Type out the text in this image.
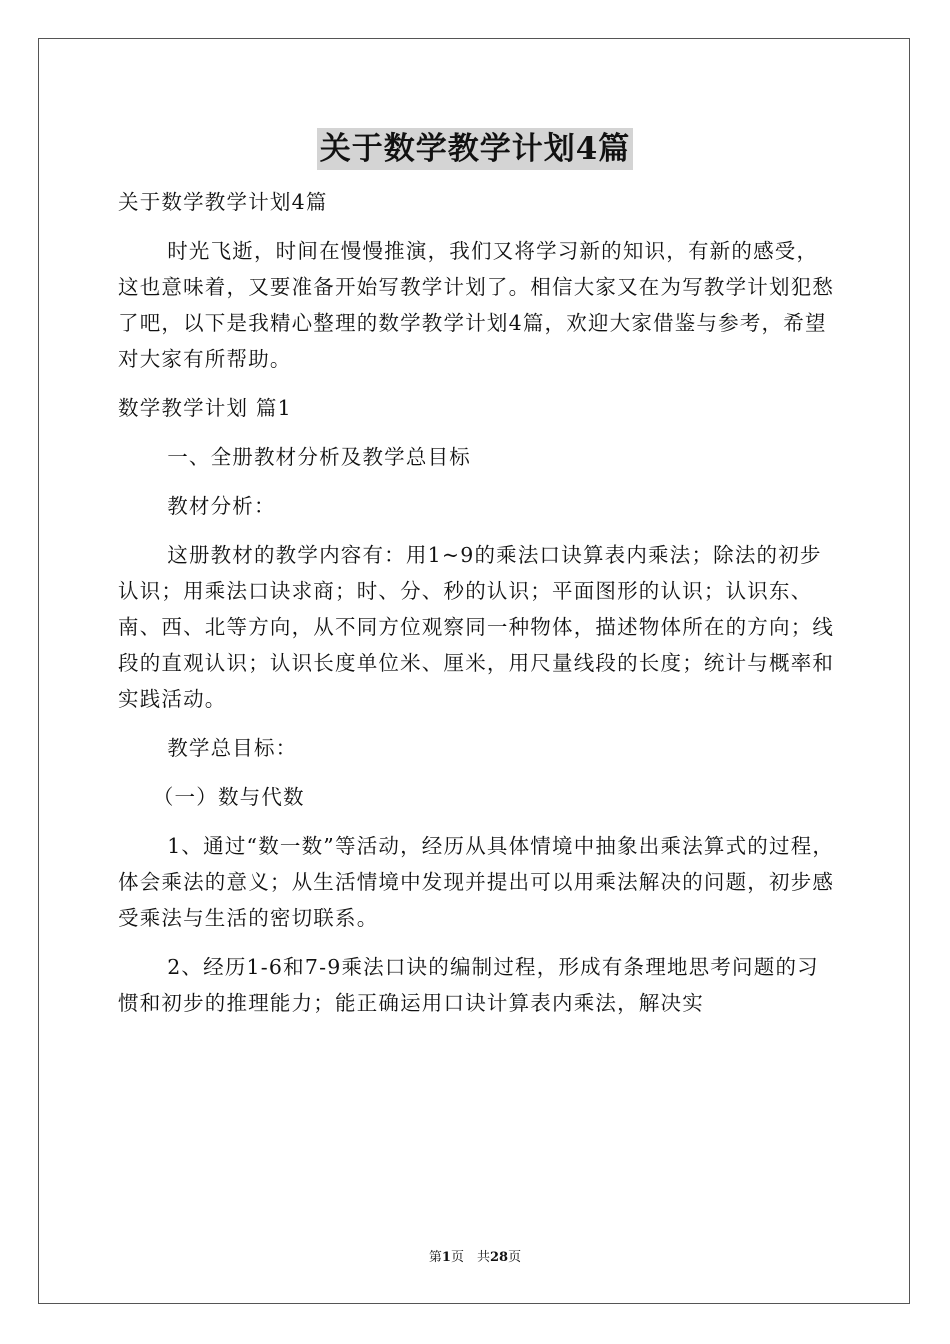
关于数学教学计划4篇

关于数学教学计划4篇

时光飞逝，时间在慢慢推演，我们又将学习新的知识，有新的感受，这也意味着，又要准备开始写教学计划了。相信大家又在为写教学计划犯愁了吧，以下是我精心整理的数学教学计划4篇，欢迎大家借鉴与参考，希望对大家有所帮助。

数学教学计划 篇1

一、全册教材分析及教学总目标

教材分析：

这册教材的教学内容有：用1~9的乘法口诀算表内乘法；除法的初步认识；用乘法口诀求商；时、分、秒的认识；平面图形的认识；认识东、南、西、北等方向，从不同方位观察同一种物体，描述物体所在的方向；线段的直观认识；认识长度单位米、厘米，用尺量线段的长度；统计与概率和实践活动。

教学总目标：

（一）数与代数

1、通过“数一数”等活动，经历从具体情境中抽象出乘法算式的过程，体会乘法的意义；从生活情境中发现并提出可以用乘法解决的问题，初步感受乘法与生活的密切联系。

2、经历1-6和7-9乘法口诀的编制过程，形成有条理地思考问题的习惯和初步的推理能力；能正确运用口诀计算表内乘法，解决实

第1页　共28页
